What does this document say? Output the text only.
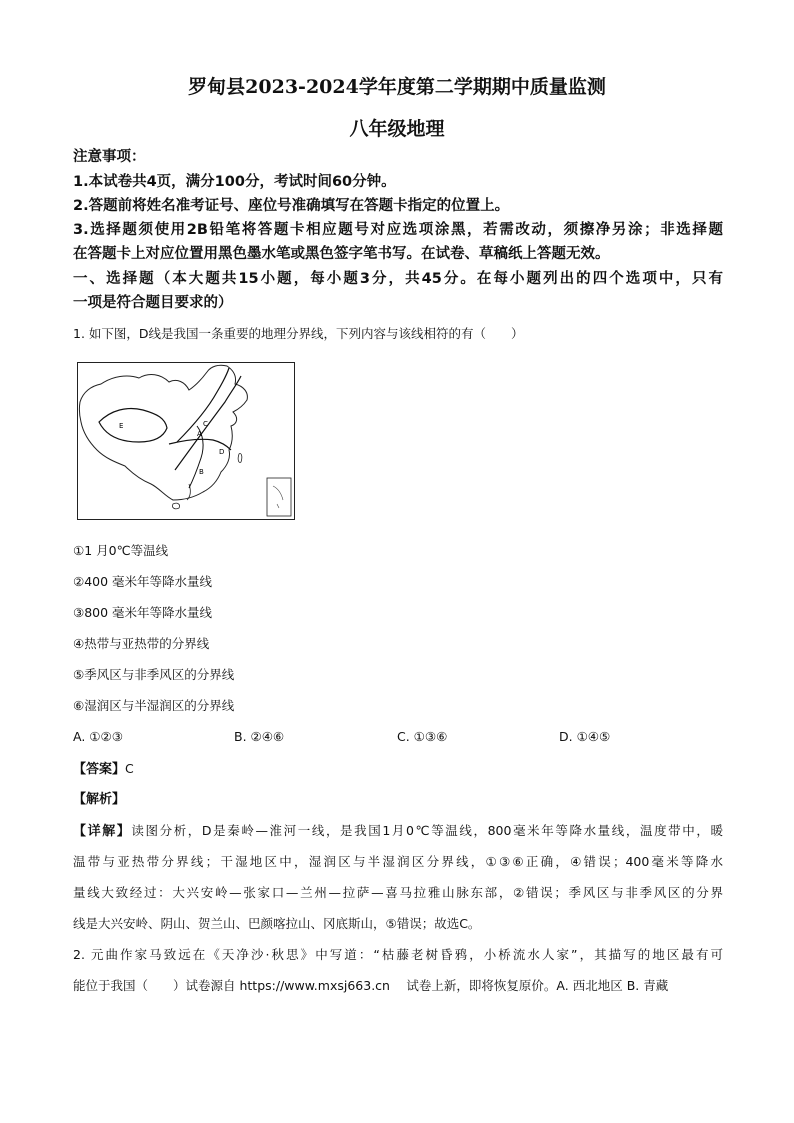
罗甸县2023-2024学年度第二学期期中质量监测
八年级地理
注意事项：
1.本试卷共4页，满分100分，考试时间60分钟。
2.答题前将姓名准考证号、座位号准确填写在答题卡指定的位置上。
3.选择题须使用2B铅笔将答题卡相应题号对应选项涂黑，若需改动，须擦净另涂；非选择题
在答题卡上对应位置用黑色墨水笔或黑色签字笔书写。在试卷、草稿纸上答题无效。
一、选择题（本大题共15小题，每小题3分，共45分。在每小题列出的四个选项中，只有
一项是符合题目要求的）
1. 如下图，D线是我国一条重要的地理分界线，下列内容与该线相符的有（　　）
E
A
C
D
B
①1 月0℃等温线
②400 毫米年等降水量线
③800 毫米年等降水量线
④热带与亚热带的分界线
⑤季风区与非季风区的分界线
⑥湿润区与半湿润区的分界线
A. ①②③	B. ②④⑥	C. ①③⑥	D. ①④⑤
【答案】C
【解析】
【详解】读图分析，D是秦岭—淮河一线，是我国1月0℃等温线，800毫米年等降水量线，温度带中，暖
温带与亚热带分界线；干湿地区中，湿润区与半湿润区分界线，①③⑥正确，④错误；400毫米等降水
量线大致经过：大兴安岭—张家口—兰州—拉萨—喜马拉雅山脉东部，②错误；季风区与非季风区的分界
线是大兴安岭、阴山、贺兰山、巴颜喀拉山、冈底斯山，⑤错误；故选C。
2. 元曲作家马致远在《天净沙·秋思》中写道：“枯藤老树昏鸦，小桥流水人家”，其描写的地区最有可
能位于我国（　　）试卷源自 https://www.mxsj663.cn　 试卷上新，即将恢复原价。A. 西北地区 B. 青藏
